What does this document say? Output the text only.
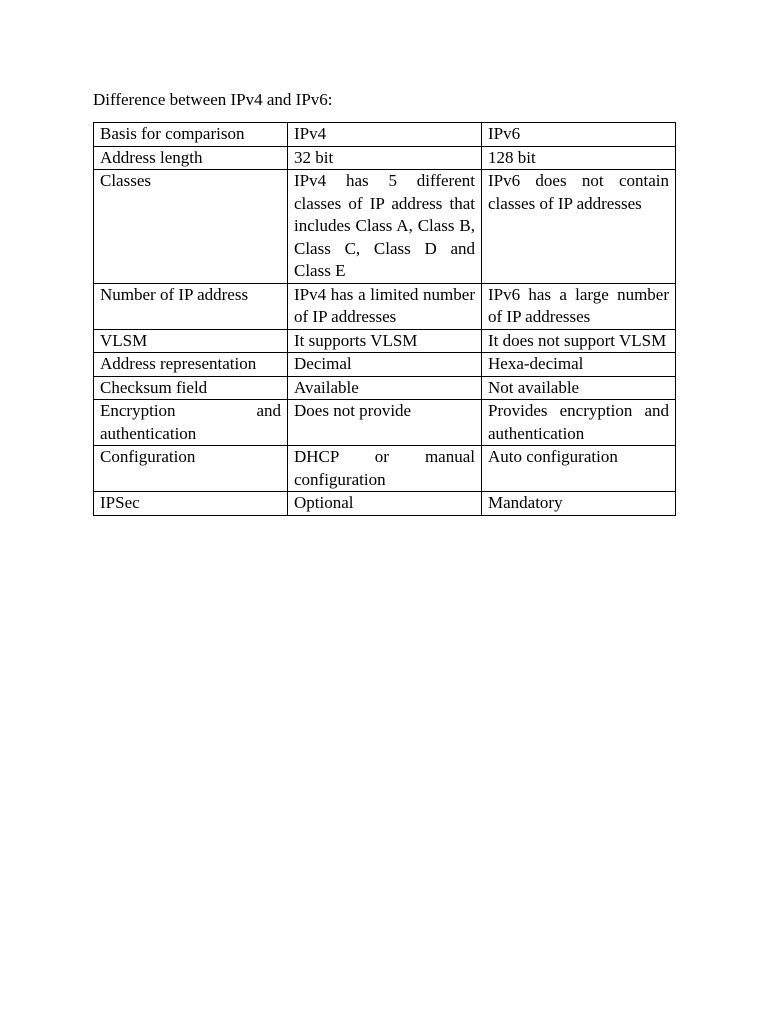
Difference between IPv4 and IPv6:
Basis for comparison	IPv4	IPv6
Address length	32 bit	128 bit
Classes	IPv4 has 5 different classes of IP address that includes Class A, Class B, Class C, Class D and Class E	IPv6 does not contain classes of IP addresses
Number of IP address	IPv4 has a limited number of IP addresses	IPv6 has a large number of IP addresses
VLSM	It supports VLSM	It does not support VLSM
Address representation	Decimal	Hexa-decimal
Checksum field	Available	Not available
Encryption and authentication	Does not provide	Provides encryption and authentication
Configuration	DHCP or manual configuration	Auto configuration
IPSec	Optional	Mandatory
